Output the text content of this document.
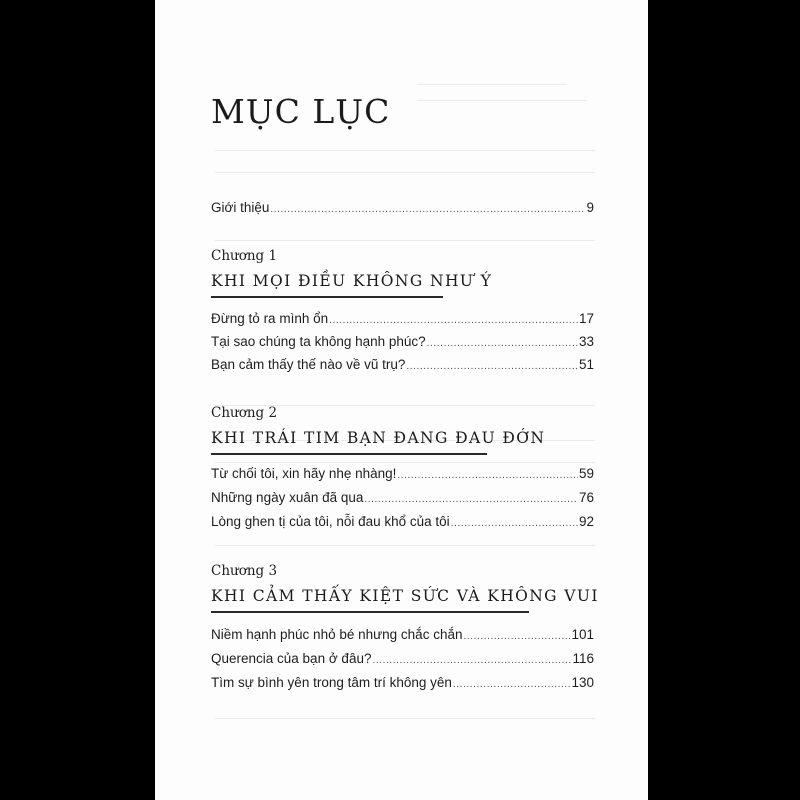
MỤC LỤC
Giới thiệu .....	9
Chương 1
KHI MỌI ĐIỀU KHÔNG NHƯ Ý
Đừng tỏ ra mình ổn .....	17
Tại sao chúng ta không hạnh phúc? .....	33
Bạn cảm thấy thế nào về vũ trụ? .....	51
Chương 2
KHI TRÁI TIM BẠN ĐANG ĐAU ĐỚN
Từ chối tôi, xin hãy nhẹ nhàng! .....	59
Những ngày xuân đã qua .....	76
Lòng ghen tị của tôi, nỗi đau khổ của tôi .....	92
Chương 3
KHI CẢM THẤY KIỆT SỨC VÀ KHÔNG VUI
Niềm hạnh phúc nhỏ bé nhưng chắc chắn .....	101
Querencia của bạn ở đâu? .....	116
Tìm sự bình yên trong tâm trí không yên .....	130
